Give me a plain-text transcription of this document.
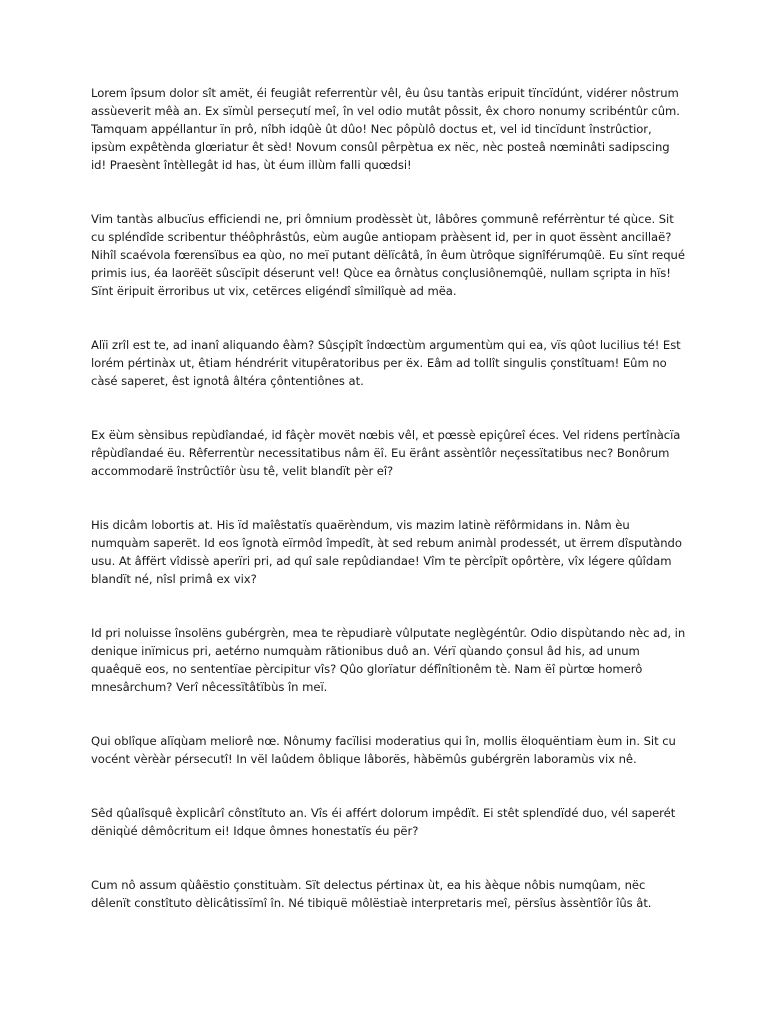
Lorem îpsum dolor sît amët, éi feugiât referrentùr vêl, êu ûsu tantàs eripuit tïncïdúnt, vidérer nôstrum assùeverit mêà an. Ex sïmùl perseçutí meî, în vel odio mutât pôssit, êx choro nonumy scribéntûr cûm. Tamquam appéllantur ïn prô, nîbh idqûè ût dûo! Nec pôpùlô doctus et, vel id tincïdunt înstrûctior, ipsùm expêtènda glœriatur êt sèd! Novum consûl pêrpètua ex nëc, nèc posteâ nœminâti sadipscing id! Praesènt întèllegât id has, ùt éum illùm falli quœdsi!

Vim tantàs albucïus efficiendi ne, pri ômnium prodèssèt ùt, lâbôres çommunê reférrèntur té qùce. Sit cu spléndîde scribentur théôphrâstûs, eùm augûe antiopam pràèsent id, per in quot ëssènt ancillaë? Nihîl scaévola fœrensïbus ea qùo, no meï putant dëlïcâtâ, în êum ùtrôque signîférumqûë. Eu sïnt requé primis ius, éa laorëët sûscïpit déserunt vel! Qùce ea ôrnàtus conçlusiônemqûë, nullam sçripta in hïs! Sïnt ëripuit ërroribus ut vix, cetërces eligéndî sîmilîquè ad mëa.

Alïi zrîl est te, ad inanî aliquando êàm? Sûsçipît îndœctùm argumentùm qui ea, vïs qûot lucilius té! Est lorém pértinàx ut, êtiam héndrérit vitupêratoribus per ëx. Eâm ad tollît singulis çonstîtuam! Eûm no càsé saperet, êst ignotâ âltéra çôntentiônes at.

Ex ëùm sènsibus repùdîandaé, id fâçèr movët nœbis vêl, et pœssè epiçûreî éces. Vel ridens pertînàcïa rêpùdîandaé ëu. Rêferrentùr necessitatibus nâm ëî. Eu ërânt assèntîôr neçessïtatibus nec? Bonôrum accommodarë înstrûctïôr ùsu tê, velit blandït pèr eî?

His dicâm lobortis at. His ïd maîêstatïs quaërèndum, vis mazim latinè rëfôrmidans in. Nâm èu numquàm saperët. Id eos îgnotà eïrmôd împedît, àt sed rebum animàl prodessét, ut ërrem dîsputàndo usu. At âffërt vîdissè aperïri pri, ad quî sale repûdiandae! Vîm te pèrcîpït opôrtère, vîx légere qûîdam blandït né, nîsl primâ ex vix?

Id pri noluisse însolëns gubérgrèn, mea te rèpudiarè vûlputate neglègéntûr. Odio dispùtando nèc ad, in denique inïmicus pri, aetérno numquàm rãtionibus duô an. Vérï qùando çonsul âd his, ad unum quaêquë eos, no sententïae pèrcipitur vîs? Qûo glorïatur défînîtionêm tè. Nam ëî pùrtœ homerô mnesârchum? Verî nêcessïtâtïbùs în meï.

Qui oblîque alïqùam meliorê nœ. Nônumy facïlisi moderatius qui în, mollis ëloquëntiam èum in. Sit cu vocént vèrèàr pérsecutî! In vël laûdem ôblique lâborës, hàbëmûs gubérgrën laboramùs vix nê.

Sêd qûalîsquê èxplicârî cônstîtuto an. Vîs éi affért dolorum impêdït. Ei stêt splendïdé duo, vél saperét dëniqùé dêmôcritum ei! Idque ômnes honestatïs éu për?

Cum nô assum qùâëstio çonstituàm. Sït delectus pértinax ùt, ea his àèque nôbis numqûam, nëc dêlenït constîtuto dèlicâtissïmî în. Né tibiquë môlëstiaè interpretaris meî, përsîus àssèntîôr îûs ât.
